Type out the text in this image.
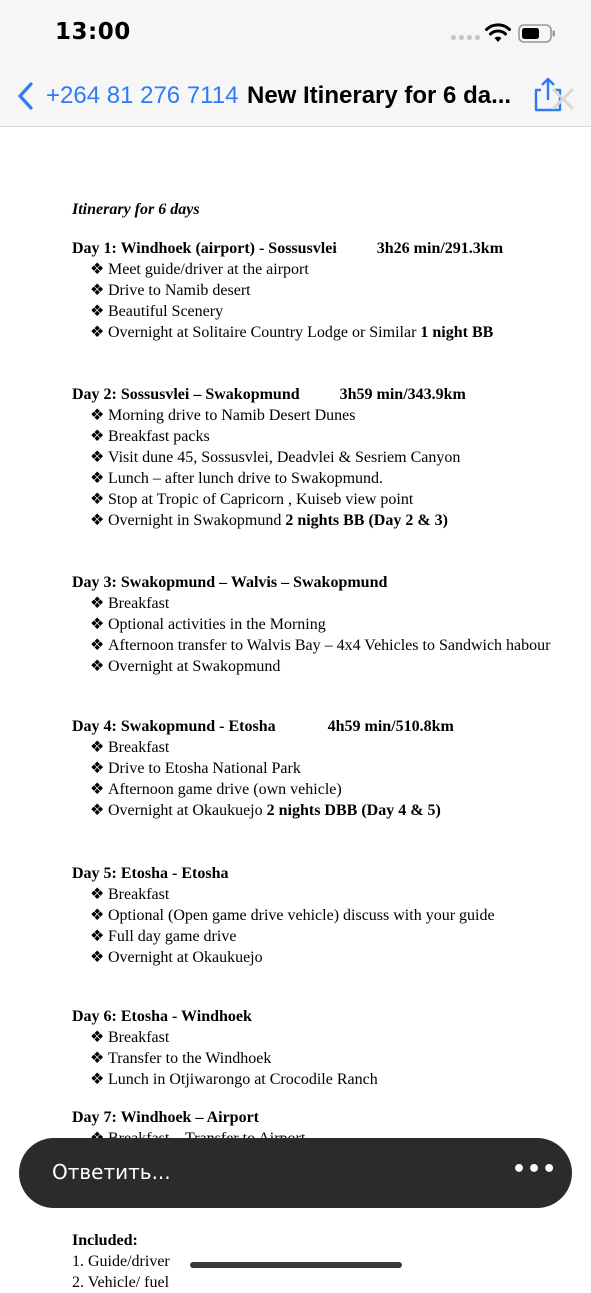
13:00
+264 81 276 7114 New Itinerary for 6 da...
Itinerary for 6 days
Day 1: Windhoek (airport) - Sossusvlei	3h26 min/291.3km
❖ Meet guide/driver at the airport
❖ Drive to Namib desert
❖ Beautiful Scenery
❖ Overnight at Solitaire Country Lodge or Similar 1 night BB
Day 2: Sossusvlei – Swakopmund	3h59 min/343.9km
❖ Morning drive to Namib Desert Dunes
❖ Breakfast packs
❖ Visit dune 45, Sossusvlei, Deadvlei & Sesriem Canyon
❖ Lunch – after lunch drive to Swakopmund.
❖ Stop at Tropic of Capricorn , Kuiseb view point
❖ Overnight in Swakopmund 2 nights BB (Day 2 & 3)
Day 3: Swakopmund – Walvis – Swakopmund
❖ Breakfast
❖ Optional activities in the Morning
❖ Afternoon transfer to Walvis Bay – 4x4 Vehicles to Sandwich habour
❖ Overnight at Swakopmund
Day 4: Swakopmund - Etosha	4h59 min/510.8km
❖ Breakfast
❖ Drive to Etosha National Park
❖ Afternoon game drive (own vehicle)
❖ Overnight at Okaukuejo 2 nights DBB (Day 4 & 5)
Day 5: Etosha - Etosha
❖ Breakfast
❖ Optional (Open game drive vehicle) discuss with your guide
❖ Full day game drive
❖ Overnight at Okaukuejo
Day 6: Etosha - Windhoek
❖ Breakfast
❖ Transfer to the Windhoek
❖ Lunch in Otjiwarongo at Crocodile Ranch
Day 7: Windhoek – Airport
Included:
1. Guide/driver
2. Vehicle/ fuel
Ответить...	•••
